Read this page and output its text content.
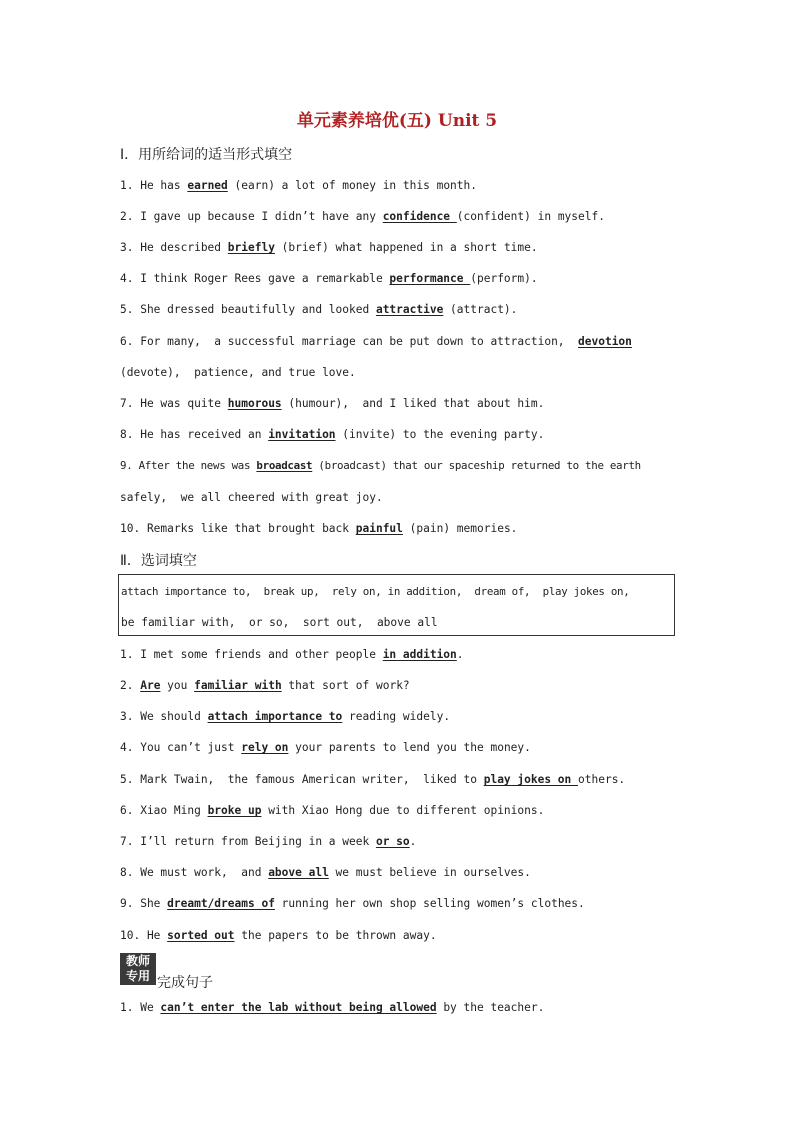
单元素养培优(五) Unit 5
Ⅰ．用所给词的适当形式填空
1. He has earned (earn) a lot of money in this month.
2. I gave up because I didn’t have any confidence (confident) in myself.
3. He described briefly (brief) what happened in a short time.
4. I think Roger Rees gave a remarkable performance (perform).
5. She dressed beautifully and looked attractive (attract).
6. For many,  a successful marriage can be put down to attraction,  devotion
(devote),  patience, and true love.
7. He was quite humorous (humour),  and I liked that about him.
8. He has received an invitation (invite) to the evening party.
9. After the news was broadcast (broadcast) that our spaceship returned to the earth
safely,  we all cheered with great joy.
10. Remarks like that brought back painful (pain) memories.
Ⅱ．选词填空
attach importance to,  break up,  rely on, in addition,  dream of,  play jokes on,
be familiar with,  or so,  sort out,  above all
1. I met some friends and other people in addition.
2. Are you familiar with that sort of work?
3. We should attach importance to reading widely.
4. You can’t just rely on your parents to lend you the money.
5. Mark Twain,  the famous American writer,  liked to play jokes on others.
6. Xiao Ming broke up with Xiao Hong due to different opinions.
7. I’ll return from Beijing in a week or so.
8. We must work,  and above all we must believe in ourselves.
9. She dreamt/dreams of running her own shop selling women’s clothes.
10. He sorted out the papers to be thrown away.
教师
专用 完成句子
1. We can’t enter the lab without being allowed by the teacher.
